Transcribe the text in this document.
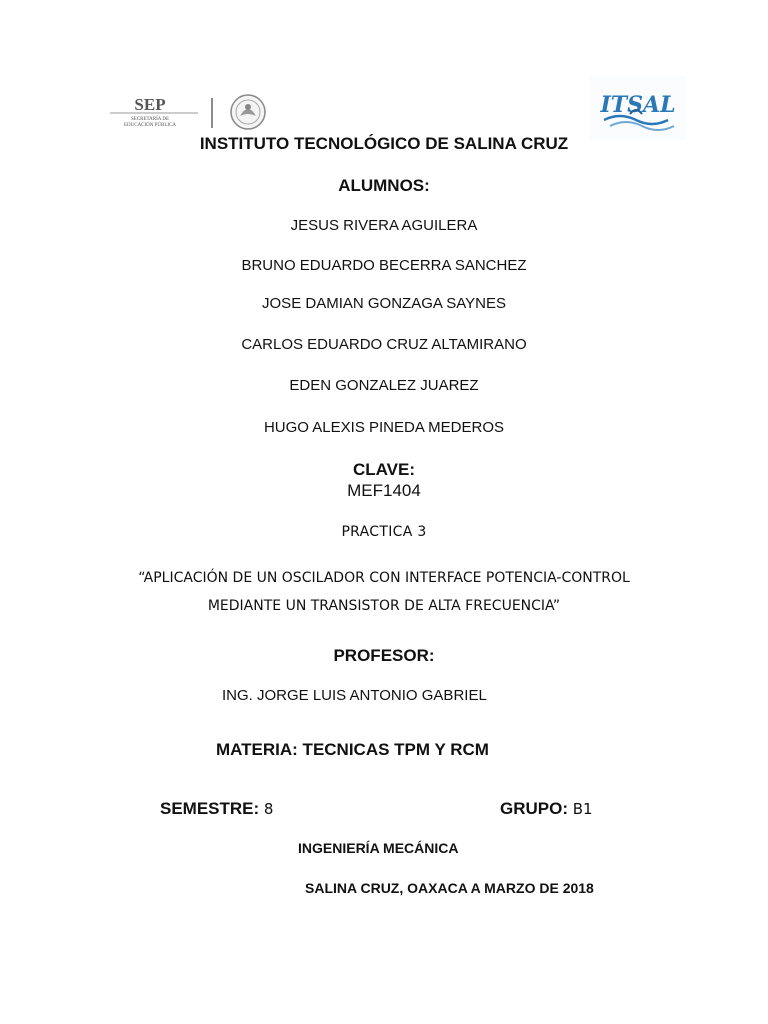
SEP
SECRETARÍA DE
EDUCACIÓN PÚBLICA
ITSAL
INSTITUTO TECNOLÓGICO DE SALINA CRUZ
ALUMNOS:
JESUS RIVERA AGUILERA
BRUNO EDUARDO BECERRA SANCHEZ
JOSE DAMIAN GONZAGA SAYNES
CARLOS EDUARDO CRUZ ALTAMIRANO
EDEN GONZALEZ JUAREZ
HUGO ALEXIS PINEDA MEDEROS
CLAVE:
MEF1404
PRACTICA 3
“APLICACIÓN DE UN OSCILADOR CON INTERFACE POTENCIA-CONTROL
MEDIANTE UN TRANSISTOR DE ALTA FRECUENCIA”
PROFESOR:
ING. JORGE LUIS ANTONIO GABRIEL
MATERIA: TECNICAS TPM Y RCM
SEMESTRE: 8	GRUPO: B1
INGENIERÍA MECÁNICA
SALINA CRUZ, OAXACA A MARZO DE 2018
